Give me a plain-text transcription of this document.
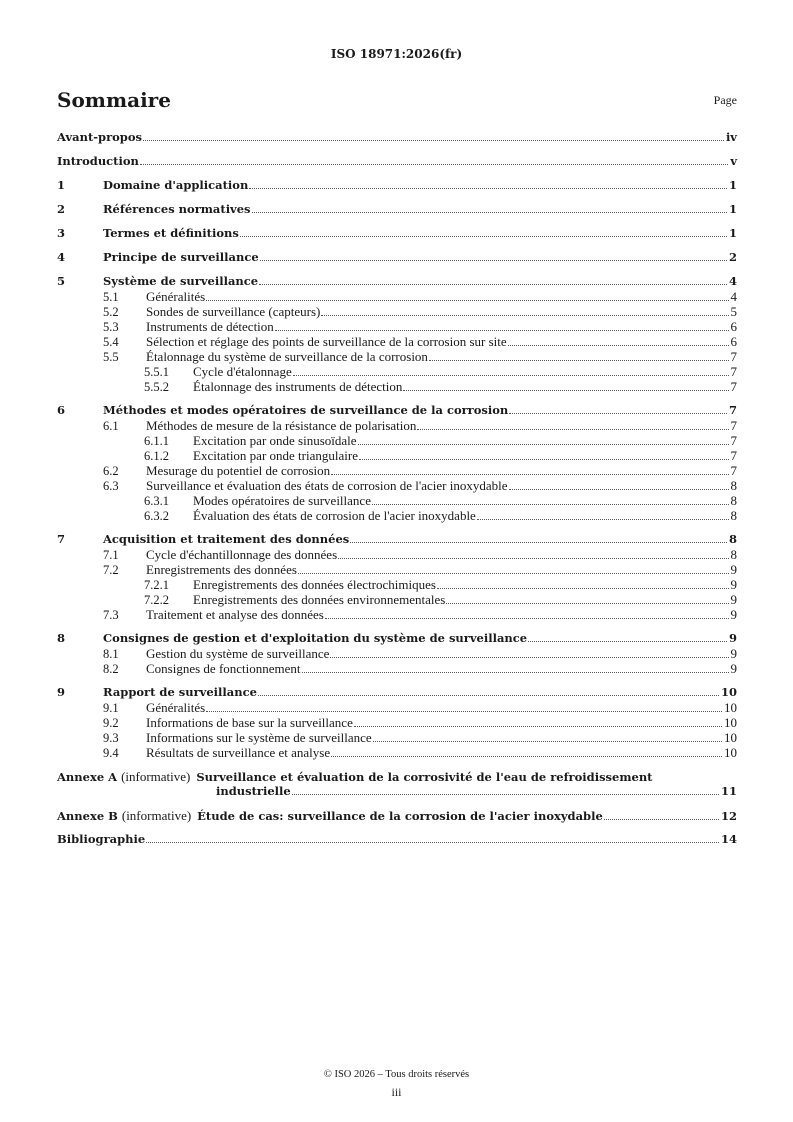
ISO 18971:2026(fr)
Sommaire	Page
Avant-propos	iv
Introduction	v
1	Domaine d'application	1
2	Références normatives	1
3	Termes et définitions	1
4	Principe de surveillance	2
5	Système de surveillance	4
5.1	Généralités	4
5.2	Sondes de surveillance (capteurs)	5
5.3	Instruments de détection	6
5.4	Sélection et réglage des points de surveillance de la corrosion sur site	6
5.5	Étalonnage du système de surveillance de la corrosion	7
5.5.1	Cycle d'étalonnage	7
5.5.2	Étalonnage des instruments de détection	7
6	Méthodes et modes opératoires de surveillance de la corrosion	7
6.1	Méthodes de mesure de la résistance de polarisation	7
6.1.1	Excitation par onde sinusoïdale	7
6.1.2	Excitation par onde triangulaire	7
6.2	Mesurage du potentiel de corrosion	7
6.3	Surveillance et évaluation des états de corrosion de l'acier inoxydable	8
6.3.1	Modes opératoires de surveillance	8
6.3.2	Évaluation des états de corrosion de l'acier inoxydable	8
7	Acquisition et traitement des données	8
7.1	Cycle d'échantillonnage des données	8
7.2	Enregistrements des données	9
7.2.1	Enregistrements des données électrochimiques	9
7.2.2	Enregistrements des données environnementales	9
7.3	Traitement et analyse des données	9
8	Consignes de gestion et d'exploitation du système de surveillance	9
8.1	Gestion du système de surveillance	9
8.2	Consignes de fonctionnement	9
9	Rapport de surveillance	10
9.1	Généralités	10
9.2	Informations de base sur la surveillance	10
9.3	Informations sur le système de surveillance	10
9.4	Résultats de surveillance et analyse	10
Annexe A (informative) Surveillance et évaluation de la corrosivité de l'eau de refroidissement
industrielle	11
Annexe B (informative) Étude de cas: surveillance de la corrosion de l'acier inoxydable	12
Bibliographie	14
© ISO 2026 – Tous droits réservés
iii
